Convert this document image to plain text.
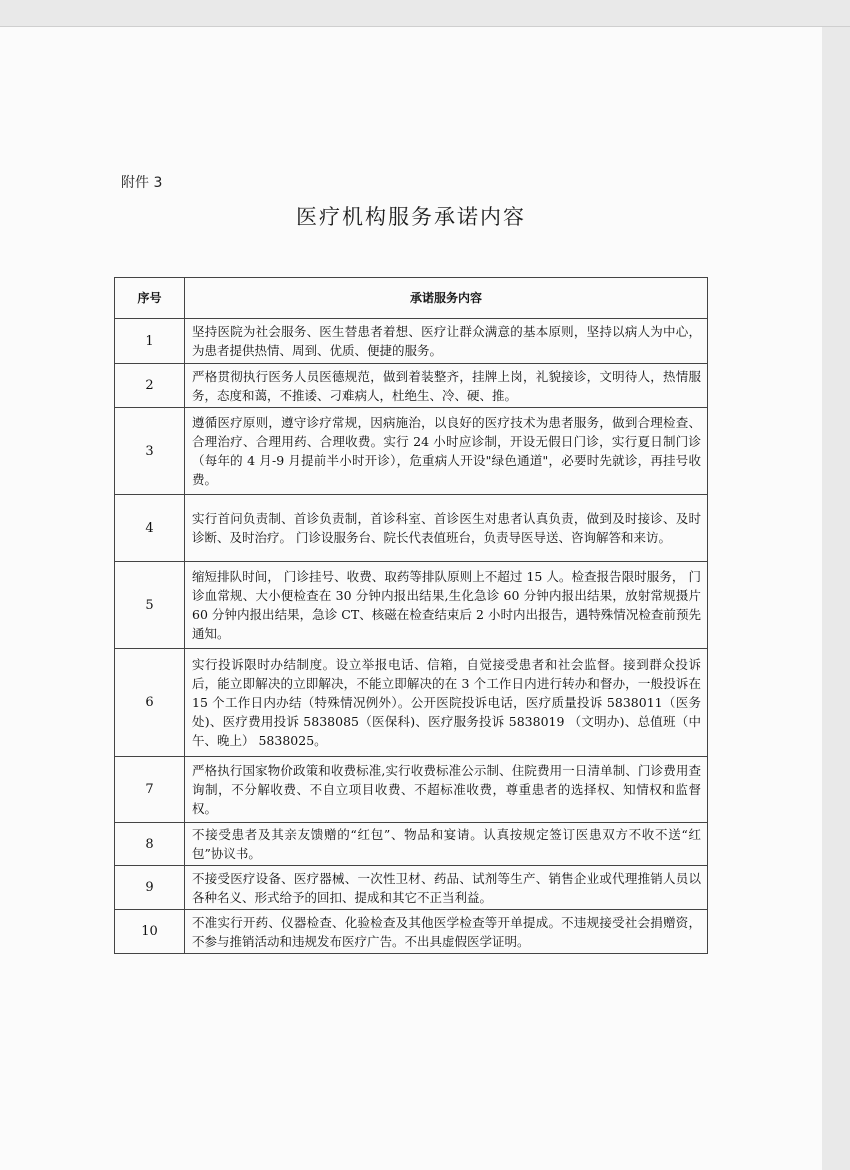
附件 3
医疗机构服务承诺内容
序号	承诺服务内容
1	坚持医院为社会服务、医生替患者着想、医疗让群众满意的基本原则，坚持以病人为中心，为患者提供热情、周到、优质、便捷的服务。
2	严格贯彻执行医务人员医德规范，做到着装整齐，挂牌上岗，礼貌接诊，文明待人，热情服务，态度和蔼，不推诿、刁难病人，杜绝生、冷、硬、推。
3	遵循医疗原则，遵守诊疗常规，因病施治，以良好的医疗技术为患者服务，做到合理检查、合理治疗、合理用药、合理收费。实行 24 小时应诊制，开设无假日门诊，实行夏日制门诊（每年的 4 月-9 月提前半小时开诊），危重病人开设"绿色通道"，必要时先就诊，再挂号收费。
4	实行首问负责制、首诊负责制，首诊科室、首诊医生对患者认真负责，做到及时接诊、及时诊断、及时治疗。 门诊设服务台、院长代表值班台，负责导医导送、咨询解答和来访。
5	缩短排队时间， 门诊挂号、收费、取药等排队原则上不超过 15 人。检查报告限时服务， 门诊血常规、大小便检查在 30 分钟内报出结果,生化急诊 60 分钟内报出结果，放射常规摄片 60 分钟内报出结果，急诊 CT、核磁在检查结束后 2 小时内出报告，遇特殊情况检查前预先通知。
6	实行投诉限时办结制度。设立举报电话、信箱，自觉接受患者和社会监督。接到群众投诉后，能立即解决的立即解决，不能立即解决的在 3 个工作日内进行转办和督办，一般投诉在 15 个工作日内办结（特殊情况例外）。公开医院投诉电话，医疗质量投诉 5838011（医务处)、医疗费用投诉 5838085（医保科)、医疗服务投诉 5838019 （文明办)、总值班（中午、晚上） 5838025。
7	严格执行国家物价政策和收费标准,实行收费标准公示制、住院费用一日清单制、门诊费用查询制，不分解收费、不自立项目收费、不超标准收费，尊重患者的选择权、知情权和监督权。
8	不接受患者及其亲友馈赠的“红包”、物品和宴请。认真按规定签订医患双方不收不送“红包”协议书。
9	不接受医疗设备、医疗器械、一次性卫材、药品、试剂等生产、销售企业或代理推销人员以各种名义、形式给予的回扣、提成和其它不正当利益。
10	不准实行开药、仪器检查、化验检查及其他医学检查等开单提成。不违规接受社会捐赠资，不参与推销活动和违规发布医疗广告。不出具虚假医学证明。
